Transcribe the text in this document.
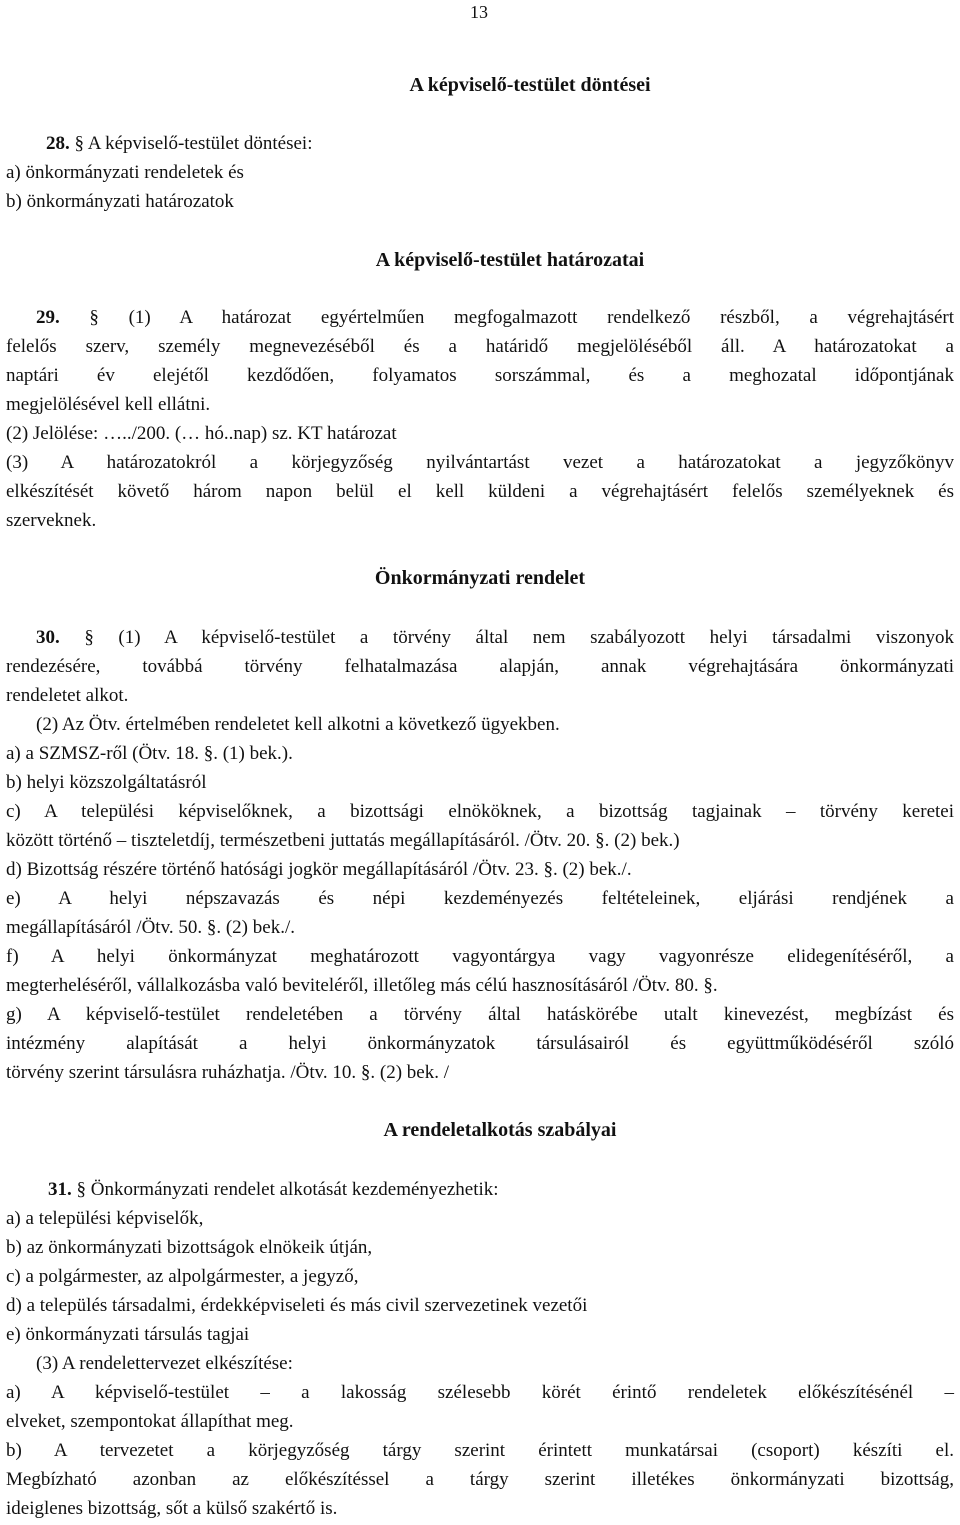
13
A képviselő-testület döntései
28. § A képviselő-testület döntései:
a) önkormányzati rendeletek és
b) önkormányzati határozatok
A képviselő-testület határozatai
29. § (1) A határozat egyértelműen megfogalmazott rendelkező részből, a végrehajtásért
felelős szerv, személy megnevezéséből és a határidő megjelöléséből áll. A határozatokat a
naptári év elejétől kezdődően, folyamatos sorszámmal, és a meghozatal időpontjának
megjelölésével kell ellátni.
(2) Jelölése: …../200. (… hó..nap) sz. KT határozat
(3) A határozatokról a körjegyzőség nyilvántartást vezet a határozatokat a jegyzőkönyv
elkészítését követő három napon belül el kell küldeni a végrehajtásért felelős személyeknek és
szerveknek.
Önkormányzati rendelet
30. § (1) A képviselő-testület a törvény által nem szabályozott helyi társadalmi viszonyok
rendezésére, továbbá törvény felhatalmazása alapján, annak végrehajtására önkormányzati
rendeletet alkot.
(2) Az Ötv. értelmében rendeletet kell alkotni a következő ügyekben.
a) a SZMSZ-ről (Ötv. 18. §. (1) bek.).
b) helyi közszolgáltatásról
c) A települési képviselőknek, a bizottsági elnököknek, a bizottság tagjainak – törvény keretei
között történő – tiszteletdíj, természetbeni juttatás megállapításáról. /Ötv. 20. §. (2) bek.)
d) Bizottság részére történő hatósági jogkör megállapításáról /Ötv. 23. §. (2) bek./.
e) A helyi népszavazás és népi kezdeményezés feltételeinek, eljárási rendjének a
megállapításáról /Ötv. 50. §. (2) bek./.
f) A helyi önkormányzat meghatározott vagyontárgya vagy vagyonrésze elidegenítéséről, a
megterheléséről, vállalkozásba való beviteléről, illetőleg más célú hasznosításáról /Ötv. 80. §.
g) A képviselő-testület rendeletében a törvény által hatáskörébe utalt kinevezést, megbízást és
intézmény alapítását a helyi önkormányzatok társulásairól és együttműködéséről szóló
törvény szerint társulásra ruházhatja. /Ötv. 10. §. (2) bek. /
A rendeletalkotás szabályai
31. § Önkormányzati rendelet alkotását kezdeményezhetik:
a) a települési képviselők,
b) az önkormányzati bizottságok elnökeik útján,
c) a polgármester, az alpolgármester, a jegyző,
d) a település társadalmi, érdekképviseleti és más civil szervezetinek vezetői
e) önkormányzati társulás tagjai
(3) A rendelettervezet elkészítése:
a) A képviselő-testület – a lakosság szélesebb körét érintő rendeletek előkészítésénél –
elveket, szempontokat állapíthat meg.
b) A tervezetet a körjegyzőség tárgy szerint érintett munkatársai (csoport) készíti el.
Megbízható azonban az előkészítéssel a tárgy szerint illetékes önkormányzati bizottság,
ideiglenes bizottság, sőt a külső szakértő is.
